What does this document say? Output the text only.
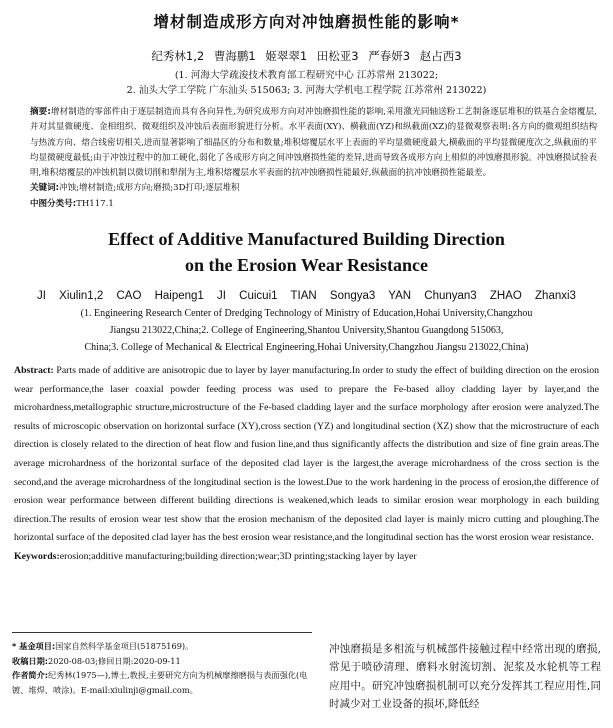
增材制造成形方向对冲蚀磨损性能的影响*
纪秀林1,2 曹海鹏1 姬翠翠1 田松亚3 严春妍3 赵占西3
(1. 河海大学疏浚技术教育部工程研究中心 江苏常州 213022;
2. 汕头大学工学院 广东汕头 515063; 3. 河海大学机电工程学院 江苏常州 213022)
摘要:增材制造的零部件由于逐层制造而具有各向异性,为研究成形方向对冲蚀磨损性能的影响,采用激光同轴送粉工艺制备逐层堆积的铁基合金熔覆层,并对其显微硬度、金相组织、微观组织及冲蚀后表面形貌进行分析。水平表面(XY)、横截面(YZ)和纵截面(XZ)的显微观察表明:各方向的微观组织结构与热流方向、熔合线密切相关,进而显著影响了细晶区的分布和数量;堆积熔覆层水平上表面的平均显微硬度最大,横截面的平均显微硬度次之,纵截面的平均显微硬度最低;由于冲蚀过程中的加工硬化,弱化了各成形方向之间冲蚀磨损性能的差异,进而导致各成形方向上相似的冲蚀磨损形貌。冲蚀磨损试验表明,堆积熔覆层的冲蚀机制以微切削和犁削为主,堆积熔覆层水平表面的抗冲蚀磨损性能最好,纵截面的抗冲蚀磨损性能最差。
关键词:冲蚀;增材制造;成形方向;磨损;3D打印;逐层堆积
中图分类号:TH117.1
Effect of Additive Manufactured Building Direction
on the Erosion Wear Resistance
JI Xiulin1,2 CAO Haipeng1 JI Cuicui1 TIAN Songya3 YAN Chunyan3 ZHAO Zhanxi3
(1. Engineering Research Center of Dredging Technology of Ministry of Education,Hohai University,Changzhou
Jiangsu 213022,China;2. College of Engineering,Shantou University,Shantou Guangdong 515063,
China;3. College of Mechanical & Electrical Engineering,Hohai University,Changzhou Jiangsu 213022,China)
Abstract: Parts made of additive are anisotropic due to layer by layer manufacturing.In order to study the effect of building direction on the erosion wear performance,the laser coaxial powder feeding process was used to prepare the Fe-based alloy cladding layer by layer,and the microhardness,metallographic structure,microstructure of the Fe-based cladding layer and the surface morphology after erosion were analyzed.The results of microscopic observation on horizontal surface (XY),cross section (YZ) and longitudinal section (XZ) show that the microstructure of each direction is closely related to the direction of heat flow and fusion line,and thus significantly affects the distribution and size of fine grain areas.The average microhardness of the horizontal surface of the deposited clad layer is the largest,the average microhardness of the cross section is the second,and the average microhardness of the longitudinal section is the lowest.Due to the work hardening in the process of erosion,the difference of erosion wear performance between different building directions is weakened,which leads to similar erosion wear morphology in each building direction.The results of erosion wear test show that the erosion mechanism of the deposited clad layer is mainly micro cutting and ploughing.The horizontal surface of the deposited clad layer has the best erosion wear resistance,and the longitudinal section has the worst erosion wear resistance.
Keywords:erosion;additive manufacturing;building direction;wear;3D printing;stacking layer by layer
* 基金项目:国家自然科学基金项目(51875169)。
收稿日期:2020-08-03;修回日期:2020-09-11
作者简介:纪秀林(1975—),博士,教授,主要研究方向为机械摩擦磨损与表面强化(电镀、堆焊、喷涂)。E-mail:xiulinji@gmail.com。
冲蚀磨损是多相流与机械部件接触过程中经常出现的磨损,常见于喷砂清理、磨料水射流切割、泥浆及水轮机等工程应用中。研究冲蚀磨损机制可以充分发挥其工程应用性,同时减少对工业设备的损坏,降低经
